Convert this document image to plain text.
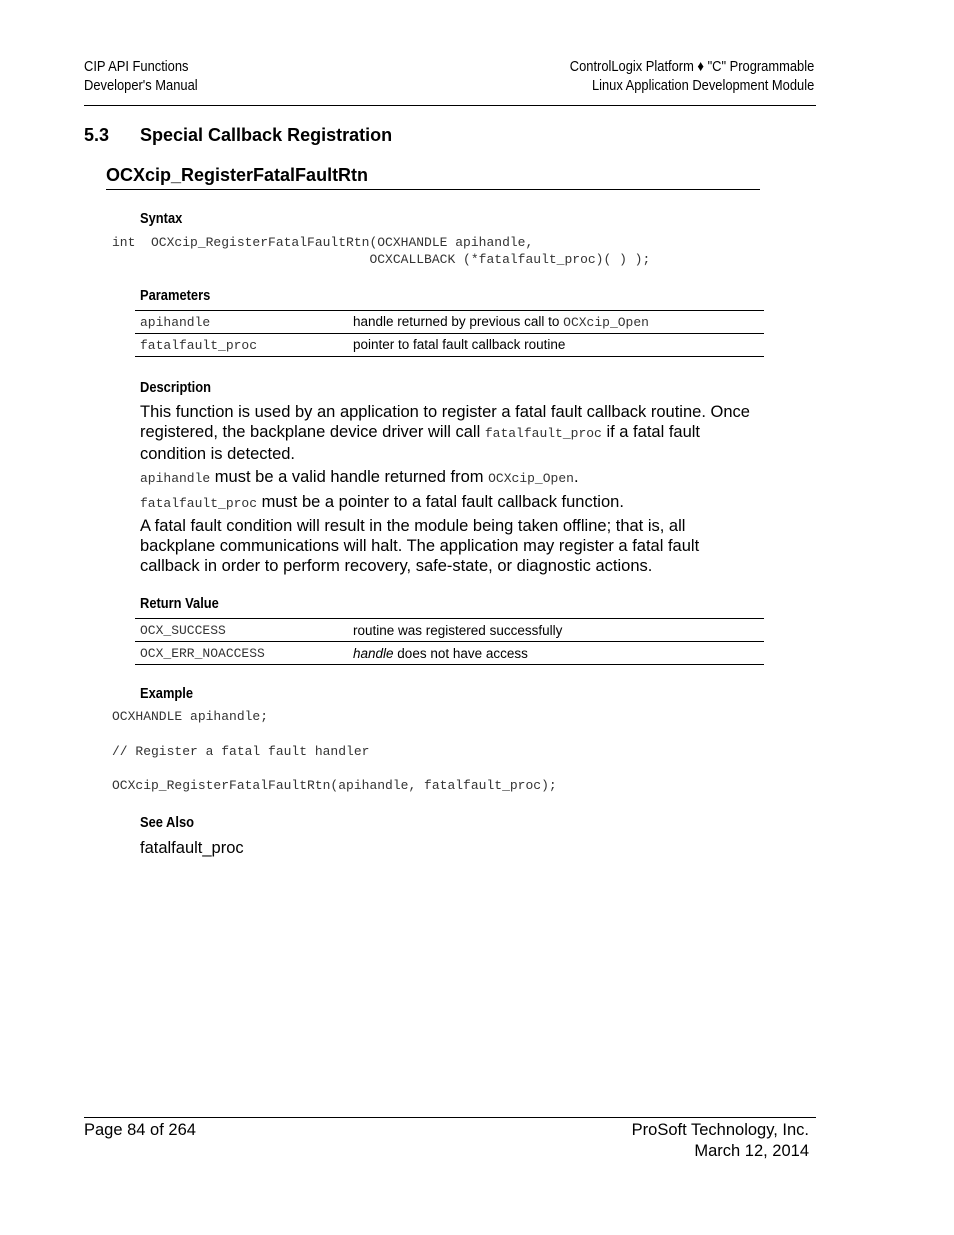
CIP API Functions
Developer's Manual
ControlLogix Platform ♦ "C" Programmable
Linux Application Development Module
5.3 Special Callback Registration
OCXcip_RegisterFatalFaultRtn
Syntax
int  OCXcip_RegisterFatalFaultRtn(OCXHANDLE apihandle,
OCXCALLBACK (*fatalfault_proc)( ) );
Parameters
apihandle	handle returned by previous call to OCXcip_Open
fatalfault_proc	pointer to fatal fault callback routine
Description
This function is used by an application to register a fatal fault callback routine. Once registered, the backplane device driver will call fatalfault_proc if a fatal fault condition is detected.
apihandle must be a valid handle returned from OCXcip_Open.
fatalfault_proc must be a pointer to a fatal fault callback function.
A fatal fault condition will result in the module being taken offline; that is, all backplane communications will halt. The application may register a fatal fault callback in order to perform recovery, safe-state, or diagnostic actions.
Return Value
OCX_SUCCESS	routine was registered successfully
OCX_ERR_NOACCESS	handle does not have access
Example
OCXHANDLE apihandle;
// Register a fatal fault handler
OCXcip_RegisterFatalFaultRtn(apihandle, fatalfault_proc);
See Also
fatalfault_proc
Page 84 of 264	ProSoft Technology, Inc.
March 12, 2014
